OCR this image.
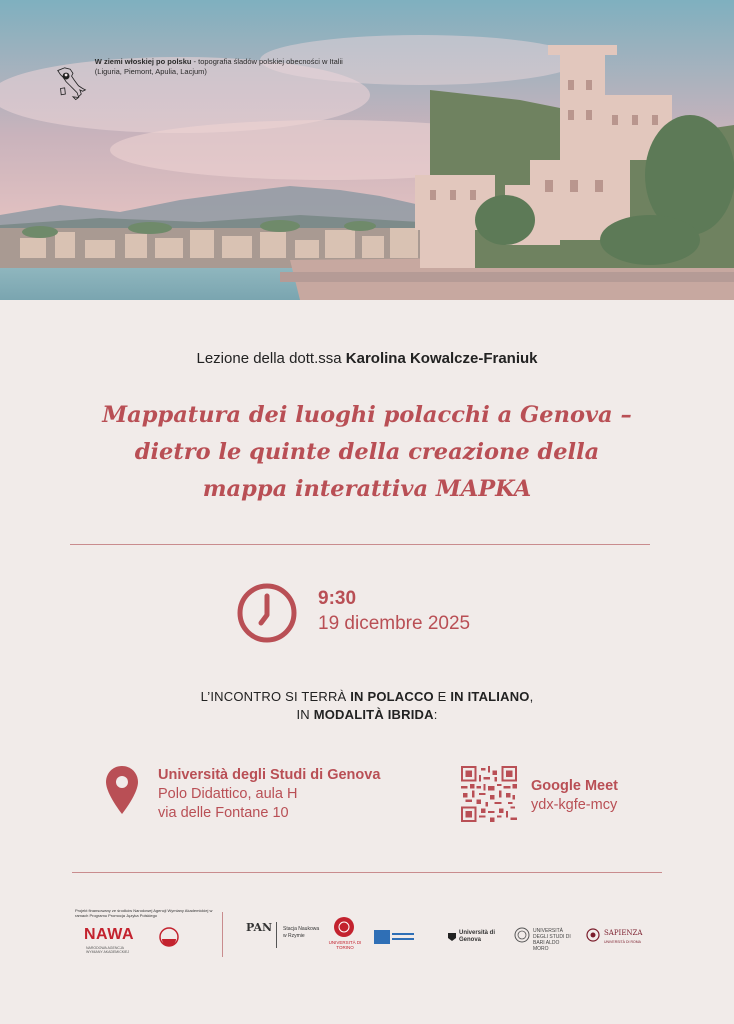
W ziemi włoskiej po polsku - topografia śladów polskiej obecności w Italii (Liguria, Piemont, Apulia, Lacjum)
Lezione della dott.ssa Karolina Kowalcze-Franiuk
Mappatura dei luoghi polacchi a Genova –
dietro le quinte della creazione della
mappa interattiva MAPKA
9:30
19 dicembre 2025
L’INCONTRO SI TERRÀ IN POLACCO E IN ITALIANO,
IN MODALITÀ IBRIDA:
Università degli Studi di Genova
Polo Didattico, aula H
via delle Fontane 10
Google Meet
ydx-kgfe-mcy
Projekt finansowany ze środków Narodowej Agencji Wymiany Akademickiej w ramach Programu Promocja Języka Polskiego
NAWA
NARODOWA AGENCJA WYMIANY AKADEMICKIEJ
PAN Stacja Naukowa w Rzymie
UNIVERSITÀ DI TORINO
Università di Genova
UNIVERSITÀ DEGLI STUDI DI BARI ALDO MORO
SAPIENZA
UNIVERSITÀ DI ROMA
